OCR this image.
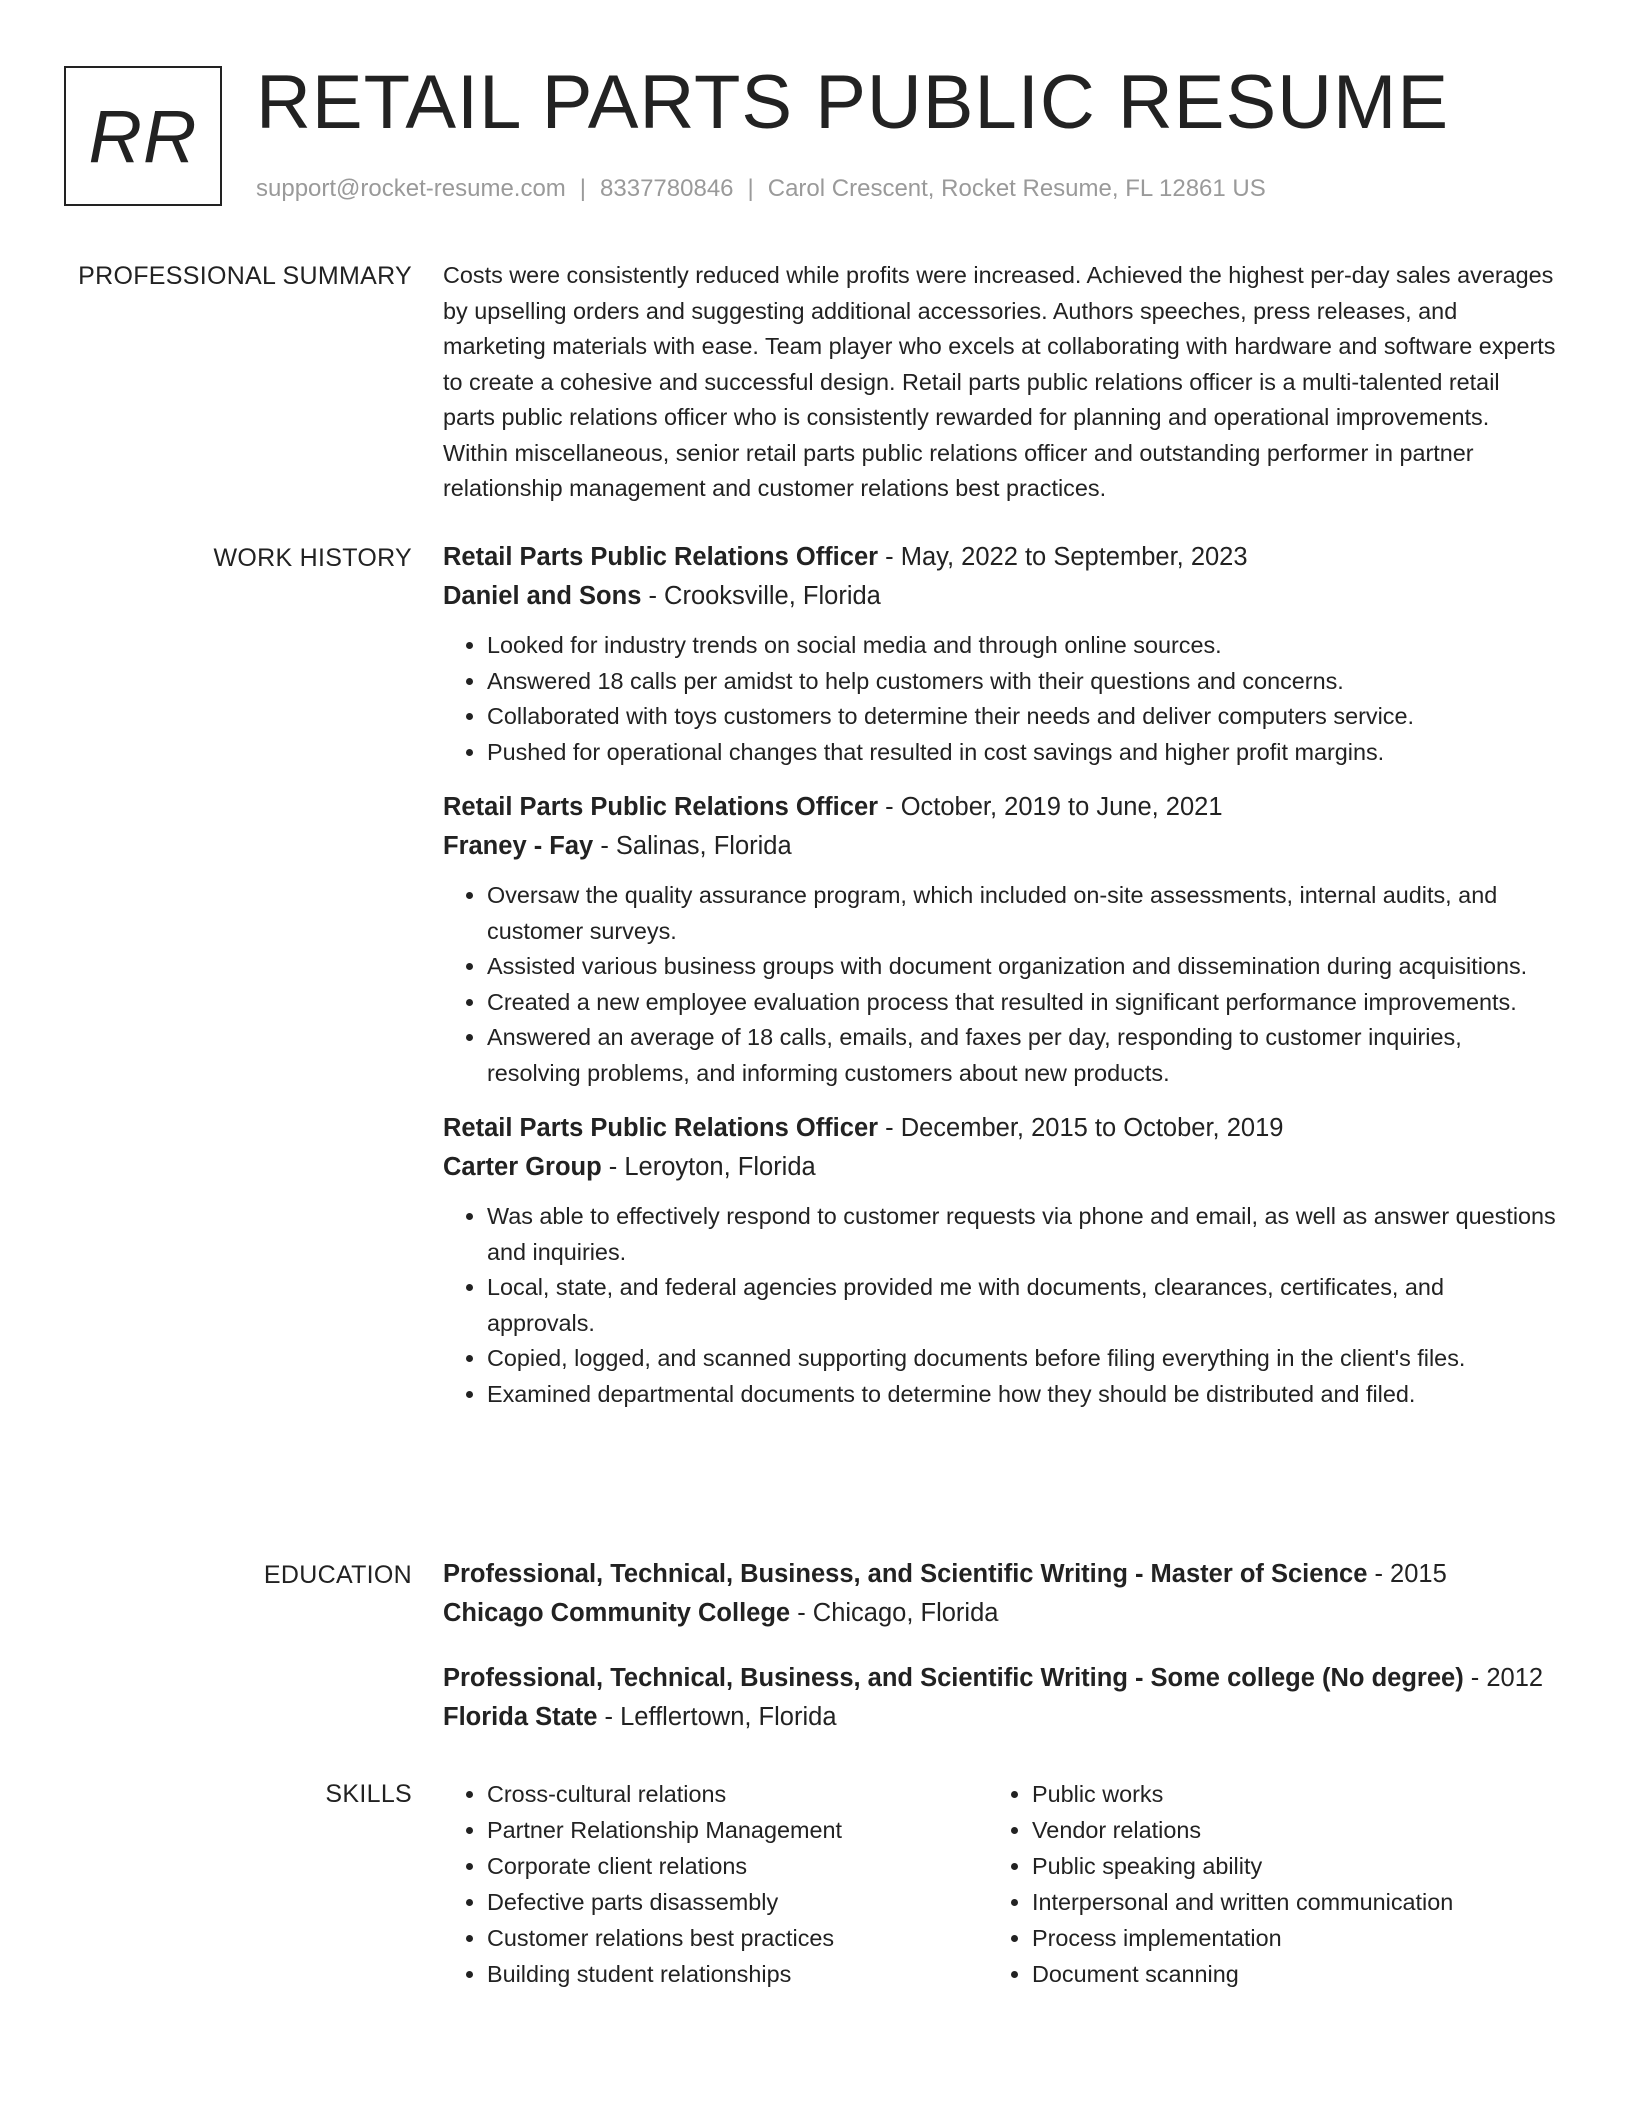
RR RETAIL PARTS PUBLIC RESUME
support@rocket-resume.com | 8337780846 | Carol Crescent, Rocket Resume, FL 12861 US
PROFESSIONAL SUMMARY Costs were consistently reduced while profits were increased. Achieved the highest per-day sales averages by upselling orders and suggesting additional accessories. Authors speeches, press releases, and marketing materials with ease. Team player who excels at collaborating with hardware and software experts to create a cohesive and successful design. Retail parts public relations officer is a multi-talented retail parts public relations officer who is consistently rewarded for planning and operational improvements. Within miscellaneous, senior retail parts public relations officer and outstanding performer in partner relationship management and customer relations best practices.

WORK HISTORY Retail Parts Public Relations Officer - May, 2022 to September, 2023
Daniel and Sons - Crooksville, Florida
• Looked for industry trends on social media and through online sources.
• Answered 18 calls per amidst to help customers with their questions and concerns.
• Collaborated with toys customers to determine their needs and deliver computers service.
• Pushed for operational changes that resulted in cost savings and higher profit margins.
Retail Parts Public Relations Officer - October, 2019 to June, 2021
Franey - Fay - Salinas, Florida
• Oversaw the quality assurance program, which included on-site assessments, internal audits, and customer surveys.
• Assisted various business groups with document organization and dissemination during acquisitions.
• Created a new employee evaluation process that resulted in significant performance improvements.
• Answered an average of 18 calls, emails, and faxes per day, responding to customer inquiries, resolving problems, and informing customers about new products.
Retail Parts Public Relations Officer - December, 2015 to October, 2019
Carter Group - Leroyton, Florida
• Was able to effectively respond to customer requests via phone and email, as well as answer questions and inquiries.
• Local, state, and federal agencies provided me with documents, clearances, certificates, and approvals.
• Copied, logged, and scanned supporting documents before filing everything in the client's files.
• Examined departmental documents to determine how they should be distributed and filed.
EDUCATION Professional, Technical, Business, and Scientific Writing - Master of Science - 2015
Chicago Community College - Chicago, Florida
Professional, Technical, Business, and Scientific Writing - Some college (No degree) - 2012
Florida State - Lefflertown, Florida
SKILLS
•	Cross-cultural relations
• Partner Relationship Management
• Corporate client relations
• Defective parts disassembly
• Customer relations best practices
• Building student relationships
• Public works
• Vendor relations
• Public speaking ability
• Interpersonal and written communication
• Process implementation
• Document scanning
